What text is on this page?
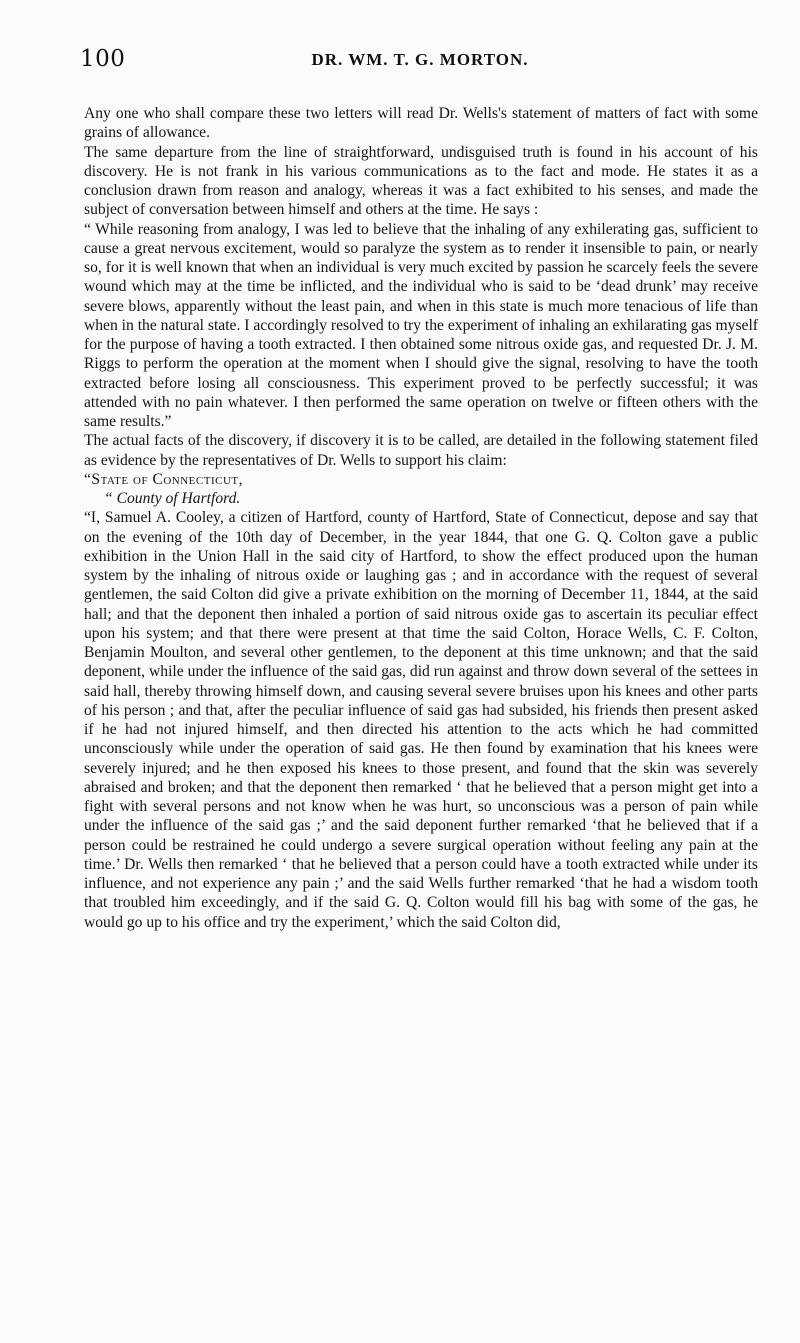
100	DR. WM. T. G. MORTON.

Any one who shall compare these two letters will read Dr. Wells's statement of matters of fact with some grains of allowance.

The same departure from the line of straightforward, undisguised truth is found in his account of his discovery. He is not frank in his various communications as to the fact and mode. He states it as a conclusion drawn from reason and analogy, whereas it was a fact exhibited to his senses, and made the subject of conversation between himself and others at the time. He says :

“ While reasoning from analogy, I was led to believe that the inhaling of any exhilerating gas, sufficient to cause a great nervous excitement, would so paralyze the system as to render it insensible to pain, or nearly so, for it is well known that when an individual is very much excited by passion he scarcely feels the severe wound which may at the time be inflicted, and the individual who is said to be ‘dead drunk’ may receive severe blows, apparently without the least pain, and when in this state is much more tenacious of life than when in the natural state. I accordingly resolved to try the experiment of inhaling an exhilarating gas myself for the purpose of having a tooth extracted. I then obtained some nitrous oxide gas, and requested Dr. J. M. Riggs to perform the operation at the moment when I should give the signal, resolving to have the tooth extracted before losing all consciousness. This experiment proved to be perfectly successful; it was attended with no pain whatever. I then performed the same operation on twelve or fifteen others with the same results.”

The actual facts of the discovery, if discovery it is to be called, are detailed in the following statement filed as evidence by the representatives of Dr. Wells to support his claim:

“State of Connecticut,

“ County of Hartford.

“I, Samuel A. Cooley, a citizen of Hartford, county of Hartford, State of Connecticut, depose and say that on the evening of the 10th day of December, in the year 1844, that one G. Q. Colton gave a public exhibition in the Union Hall in the said city of Hartford, to show the effect produced upon the human system by the inhaling of nitrous oxide or laughing gas ; and in accordance with the request of several gentlemen, the said Colton did give a private exhibition on the morning of December 11, 1844, at the said hall; and that the deponent then inhaled a portion of said nitrous oxide gas to ascertain its peculiar effect upon his system; and that there were present at that time the said Colton, Horace Wells, C. F. Colton, Benjamin Moulton, and several other gentlemen, to the deponent at this time unknown; and that the said deponent, while under the influence of the said gas, did run against and throw down several of the settees in said hall, thereby throwing himself down, and causing several severe bruises upon his knees and other parts of his person ; and that, after the peculiar influence of said gas had subsided, his friends then present asked if he had not injured himself, and then directed his attention to the acts which he had committed unconsciously while under the operation of said gas. He then found by examination that his knees were severely injured; and he then exposed his knees to those present, and found that the skin was severely abraised and broken; and that the deponent then remarked ‘ that he believed that a person might get into a fight with several persons and not know when he was hurt, so unconscious was a person of pain while under the influence of the said gas ;’ and the said deponent further remarked ‘that he believed that if a person could be restrained he could undergo a severe surgical operation without feeling any pain at the time.’ Dr. Wells then remarked ‘ that he believed that a person could have a tooth extracted while under its influence, and not experience any pain ;’ and the said Wells further remarked ‘that he had a wisdom tooth that troubled him exceedingly, and if the said G. Q. Colton would fill his bag with some of the gas, he would go up to his office and try the experiment,’ which the said Colton did,
